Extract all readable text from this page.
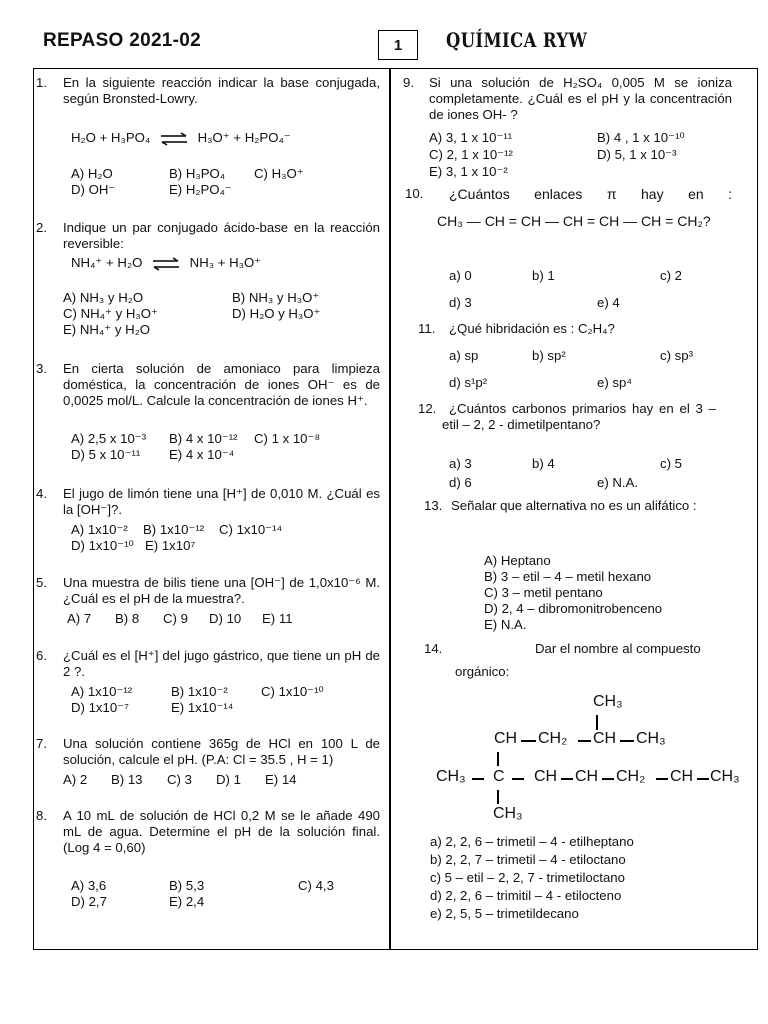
REPASO 2021-02	1	QUÍMICA RYW
1. En la siguiente reacción indicar la base conjugada, según Bronsted-Lowry.
H₂O + H₃PO₄ ⇌ H₃O⁺ + H₂PO₄⁻
A) H₂O	B) H₃PO₄ C) H₃O⁺
D) OH⁻	E) H₂PO₄⁻
2. Indique un par conjugado ácido-base en la reacción reversible:
NH₄⁺ + H₂O ⇌ NH₃ + H₃O⁺
A) NH₃ y H₂O	B) NH₃ y H₃O⁺
C) NH₄⁺ y H₃O⁺	D) H₂O y H₃O⁺
E) NH₄⁺ y H₂O
3. En cierta solución de amoniaco para limpieza doméstica, la concentración de iones OH⁻ es de 0,0025 mol/L. Calcule la concentración de iones H⁺.
A) 2,5 x 10⁻³ B) 4 x 10⁻¹² C) 1 x 10⁻⁸
D) 5 x 10⁻¹¹ E) 4 x 10⁻⁴
4. El jugo de limón tiene una [H⁺] de 0,010 M. ¿Cuál es la [OH⁻]?.
A) 1x10⁻² B) 1x10⁻¹² C) 1x10⁻¹⁴
D) 1x10⁻¹⁰ E) 1x10⁷
5. Una muestra de bilis tiene una [OH⁻] de 1,0x10⁻⁶ M. ¿Cuál es el pH de la muestra?.
A) 7 B) 8 C) 9 D) 10 E) 11
6. ¿Cuál es el [H⁺] del jugo gástrico, que tiene un pH de 2 ?.
A) 1x10⁻¹²	B) 1x10⁻²	C) 1x10⁻¹⁰
D) 1x10⁻⁷	E) 1x10⁻¹⁴
7. Una solución contiene 365g de HCl en 100 L de solución, calcule el pH. (P.A: Cl = 35.5 , H = 1)
A) 2 B) 13 C) 3 D) 1 E) 14
8. A 10 mL de solución de HCl 0,2 M se le añade 490 mL de agua. Determine el pH de la solución final. (Log 4 = 0,60)
A) 3,6	B) 5,3	C) 4,3
D) 2,7	E) 2,4
9. Si una solución de H₂SO₄ 0,005 M se ioniza completamente. ¿Cuál es el pH y la concentración de iones OH- ?
A) 3, 1 x 10⁻¹¹	B) 4 , 1 x 10⁻¹⁰
C) 2, 1 x 10⁻¹²	D) 5, 1 x 10⁻³
E) 3, 1 x 10⁻²
10. ¿Cuántos enlaces π hay en :
CH₃ — CH = CH — CH = CH — CH = CH₂?
a) 0	b) 1	c) 2
d) 3	e) 4
11. ¿Qué hibridación es : C₂H₄?
a) sp	b) sp²	c) sp³
d) s¹p²	e) sp⁴
12. ¿Cuántos carbonos primarios hay en el 3 – etil – 2, 2 - dimetilpentano?
a) 3	b) 4	c) 5
d) 6	e) N.A.
13. Señalar que alternativa no es un alifático :
A) Heptano
B) 3 – etil – 4 – metil hexano
C) 3 – metil pentano
D) 2, 4 – dibromonitrobenceno
E) N.A.
14.	Dar el nombre al compuesto
orgánico:
CH₃
CH CH₂ CH CH₃
CH₃ C CH CH CH₂ CH CH₃
CH₃
a) 2, 2, 6 – trimetil – 4 - etilheptano
b) 2, 2, 7 – trimetil – 4 - etiloctano
c) 5 – etil – 2, 2, 7 - trimetiloctano
d) 2, 2, 6 – trimitil – 4 - etilocteno
e) 2, 5, 5 – trimetildecano
